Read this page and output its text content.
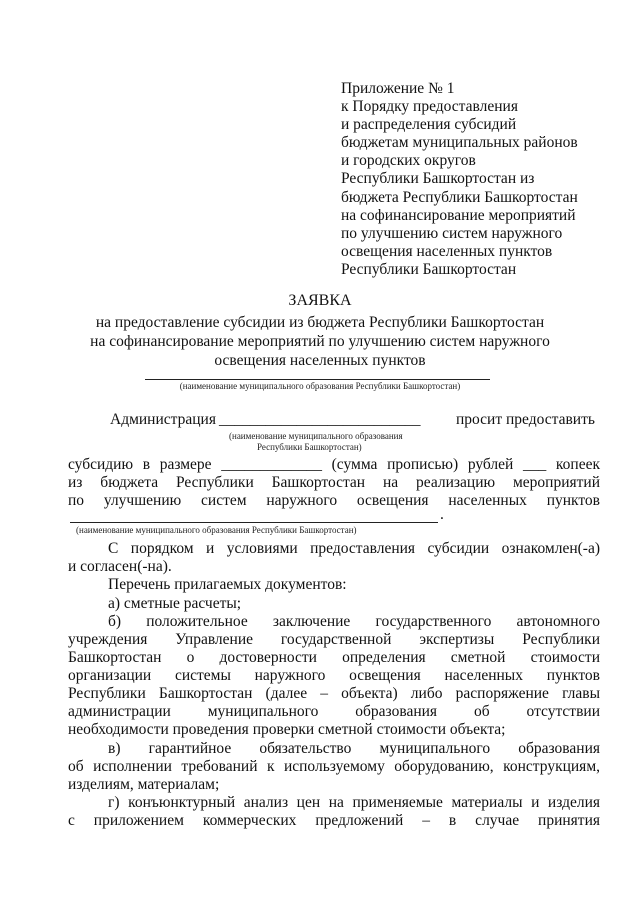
Приложение № 1
к Порядку предоставления
и распределения субсидий
бюджетам муниципальных районов
и городских округов
Республики Башкортостан из
бюджета Республики Башкортостан
на софинансирование мероприятий
по улучшению систем наружного
освещения населенных пунктов
Республики Башкортостан
ЗАЯВКА
на предоставление субсидии из бюджета Республики Башкортостан
на софинансирование мероприятий по улучшению систем наружного
освещения населенных пунктов
(наименование муниципального образования Республики Башкортостан)
Администрация __________________________ просит предоставить
(наименование муниципального образования
Республики Башкортостан)
субсидию в размере _____________ (сумма прописью) рублей ___ копеек
из бюджета Республики Башкортостан на реализацию мероприятий
по улучшению систем наружного освещения населенных пунктов
.
(наименование муниципального образования Республики Башкортостан)
С порядком и условиями предоставления субсидии ознакомлен(-а)
и согласен(-на).
Перечень прилагаемых документов:
а) сметные расчеты;
б) положительное заключение государственного автономного
учреждения Управление государственной экспертизы Республики
Башкортостан о достоверности определения сметной стоимости
организации системы наружного освещения населенных пунктов
Республики Башкортостан (далее – объекта) либо распоряжение главы
администрации муниципального образования об отсутствии
необходимости проведения проверки сметной стоимости объекта;
в) гарантийное обязательство муниципального образования
об исполнении требований к используемому оборудованию, конструкциям,
изделиям, материалам;
г) конъюнктурный анализ цен на применяемые материалы и изделия
с приложением коммерческих предложений – в случае принятия
